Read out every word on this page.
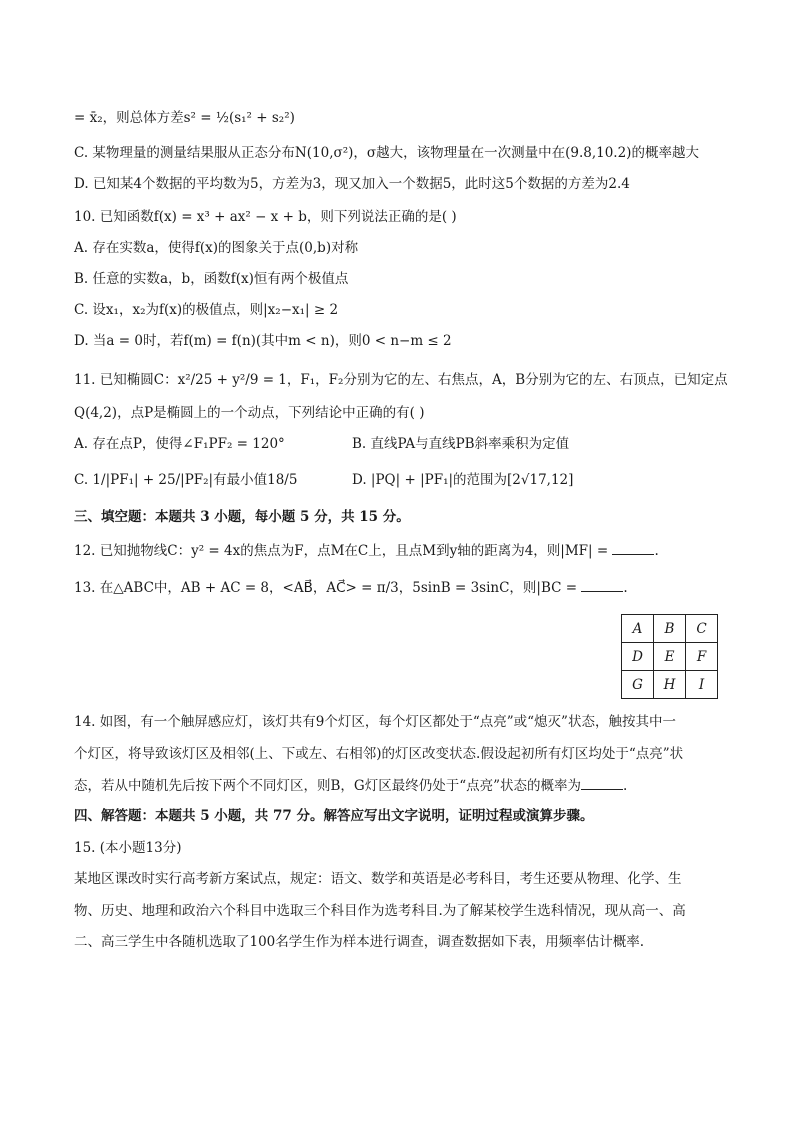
= x̄₂，则总体方差s² = ½(s₁² + s₂²)
C. 某物理量的测量结果服从正态分布N(10,σ²)，σ越大，该物理量在一次测量中在(9.8,10.2)的概率越大
D. 已知某4个数据的平均数为5，方差为3，现又加入一个数据5，此时这5个数据的方差为2.4
10. 已知函数f(x) = x³ + ax² − x + b，则下列说法正确的是( )
A. 存在实数a，使得f(x)的图象关于点(0,b)对称
B. 任意的实数a，b，函数f(x)恒有两个极值点
C. 设x₁，x₂为f(x)的极值点，则|x₂−x₁| ≥ 2
D. 当a = 0时，若f(m) = f(n)(其中m < n)，则0 < n−m ≤ 2
11. 已知椭圆C：x²/25 + y²/9 = 1，F₁，F₂分别为它的左、右焦点，A，B分别为它的左、右顶点，已知定点
Q(4,2)，点P是椭圆上的一个动点，下列结论中正确的有( )
A. 存在点P，使得∠F₁PF₂ = 120°	B. 直线PA与直线PB斜率乘积为定值
C. 1/|PF₁| + 25/|PF₂|有最小值18/5	D. |PQ| + |PF₁|的范围为[2√17,12]
三、填空题：本题共 3 小题，每小题 5 分，共 15 分。
12. 已知抛物线C：y² = 4x的焦点为F，点M在C上，且点M到y轴的距离为4，则|MF| =	.
13. 在△ABC中，AB + AC = 8，<AB⃗，AC⃗> = π/3，5sinB = 3sinC，则|BC =	.
A	B	C
D	E	F
G	H	I
14. 如图，有一个触屏感应灯，该灯共有9个灯区，每个灯区都处于“点亮”或“熄灭”状态，触按其中一
个灯区，将导致该灯区及相邻(上、下或左、右相邻)的灯区改变状态.假设起初所有灯区均处于“点亮”状
态，若从中随机先后按下两个不同灯区，则B，G灯区最终仍处于“点亮”状态的概率为	.
四、解答题：本题共 5 小题，共 77 分。解答应写出文字说明，证明过程或演算步骤。
15. (本小题13分)
某地区课改时实行高考新方案试点，规定：语文、数学和英语是必考科目，考生还要从物理、化学、生
物、历史、地理和政治六个科目中选取三个科目作为选考科目.为了解某校学生选科情况，现从高一、高
二、高三学生中各随机选取了100名学生作为样本进行调查，调查数据如下表，用频率估计概率.
